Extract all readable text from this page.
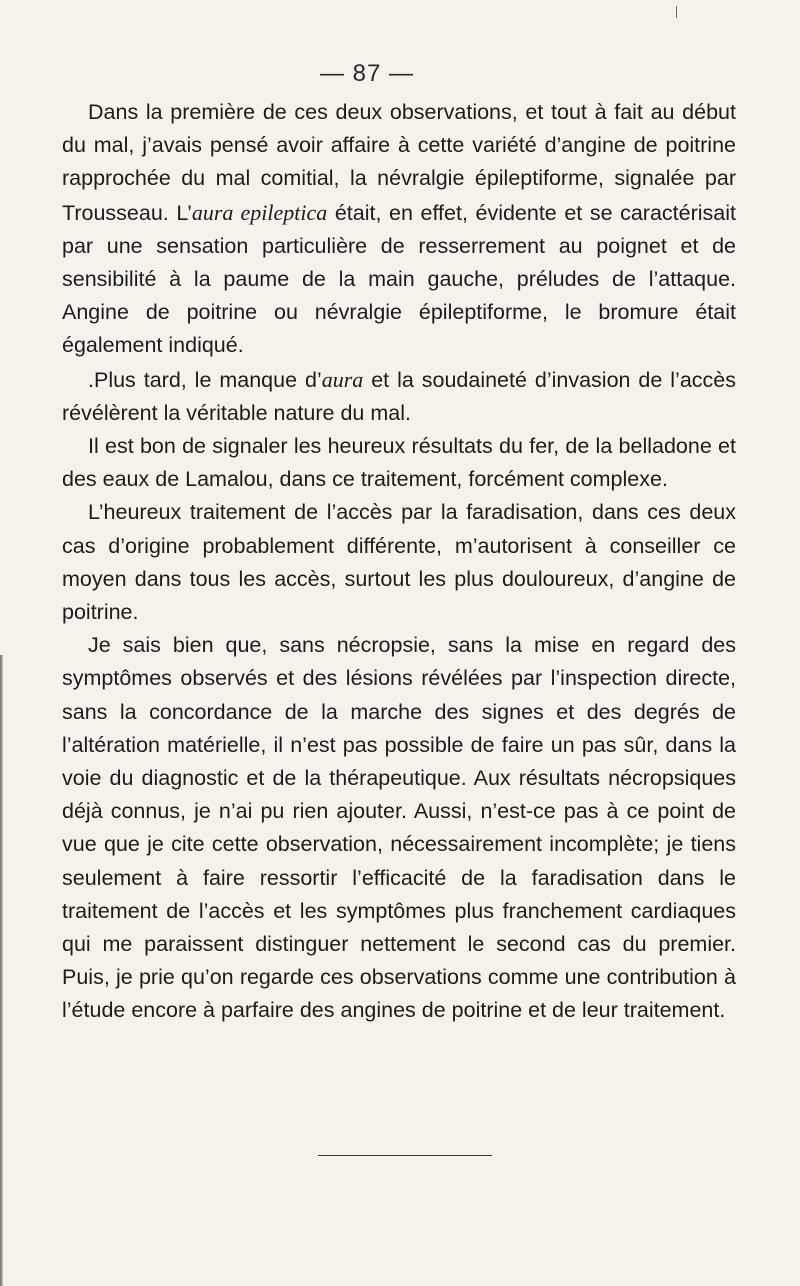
— 87 —

Dans la première de ces deux observations, et tout à fait au début du mal, j’avais pensé avoir affaire à cette variété d’angine de poitrine rapprochée du mal comitial, la névralgie épileptiforme, signalée par Trousseau. L’aura epileptica était, en effet, évidente et se caractérisait par une sensation particulière de resserrement au poignet et de sensibilité à la paume de la main gauche, préludes de l’attaque. Angine de poitrine ou névralgie épileptiforme, le bromure était également indiqué.

.Plus tard, le manque d’aura et la soudaineté d’invasion de l’accès révélèrent la véritable nature du mal.

Il est bon de signaler les heureux résultats du fer, de la belladone et des eaux de Lamalou, dans ce traitement, forcément complexe.

L’heureux traitement de l’accès par la faradisation, dans ces deux cas d’origine probablement différente, m’autorisent à conseiller ce moyen dans tous les accès, surtout les plus douloureux, d’angine de poitrine.

Je sais bien que, sans nécropsie, sans la mise en regard des symptômes observés et des lésions révélées par l’inspection directe, sans la concordance de la marche des signes et des degrés de l’altération matérielle, il n’est pas possible de faire un pas sûr, dans la voie du diagnostic et de la thérapeutique. Aux résultats nécropsiques déjà connus, je n’ai pu rien ajouter. Aussi, n’est-ce pas à ce point de vue que je cite cette observation, nécessairement incomplète; je tiens seulement à faire ressortir l’efficacité de la faradisation dans le traitement de l’accès et les symptômes plus franchement cardiaques qui me paraissent distinguer nettement le second cas du premier. Puis, je prie qu’on regarde ces observations comme une contribution à l’étude encore à parfaire des angines de poitrine et de leur traitement.
